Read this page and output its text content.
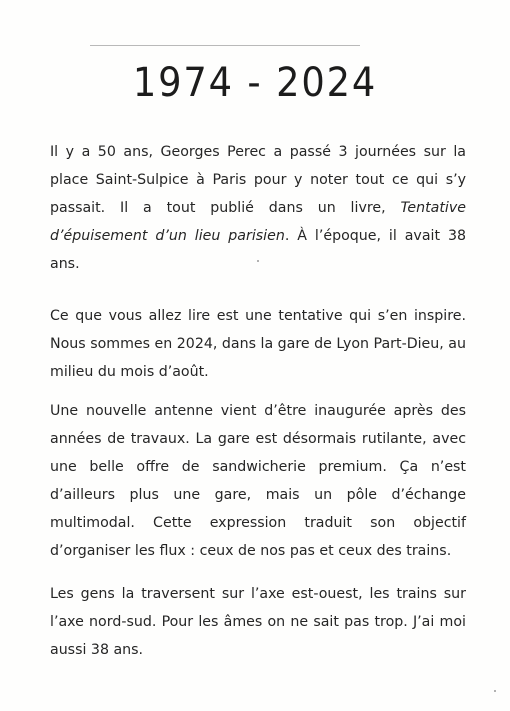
1974 - 2024

Il y a 50 ans, Georges Perec a passé 3 journées sur la place Saint-Sulpice à Paris pour y noter tout ce qui s’y passait. Il a tout publié dans un livre, Tentative d’épuisement d’un lieu parisien. À l’époque, il avait 38 ans.

Ce que vous allez lire est une tentative qui s’en inspire. Nous sommes en 2024, dans la gare de Lyon Part-Dieu, au milieu du mois d’août.

Une nouvelle antenne vient d’être inaugurée après des années de travaux. La gare est désormais rutilante, avec une belle offre de sandwicherie premium. Ça n’est d’ailleurs plus une gare, mais un pôle d’échange multimodal. Cette expression traduit son objectif d’organiser les flux : ceux de nos pas et ceux des trains.

Les gens la traversent sur l’axe est-ouest, les trains sur l’axe nord-sud. Pour les âmes on ne sait pas trop. J’ai moi aussi 38 ans.
